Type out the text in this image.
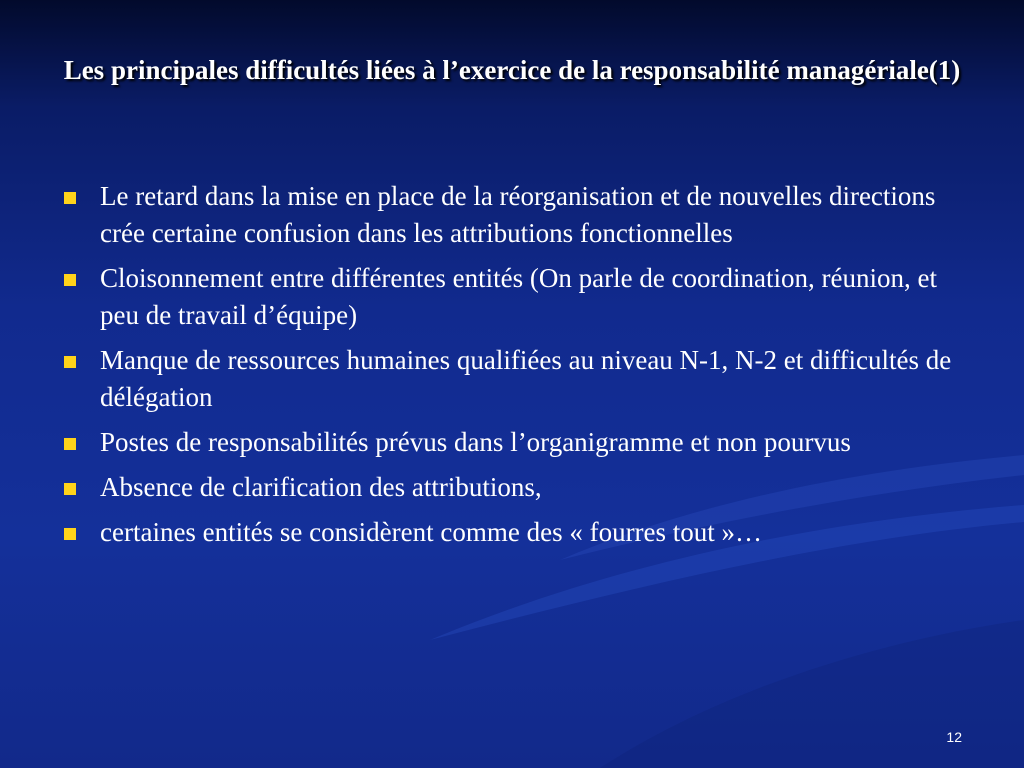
Les principales difficultés liées à l’exercice de la responsabilité managériale(1)
Le retard dans la mise en place de la réorganisation et de nouvelles directions crée certaine confusion dans les attributions fonctionnelles
Cloisonnement entre différentes entités (On parle de coordination, réunion, et peu de travail d’équipe)
Manque de ressources humaines qualifiées au niveau N-1, N-2 et difficultés de délégation
Postes de responsabilités prévus dans l’organigramme et non pourvus
Absence de clarification des attributions,
certaines entités se considèrent comme des « fourres tout »…
12
